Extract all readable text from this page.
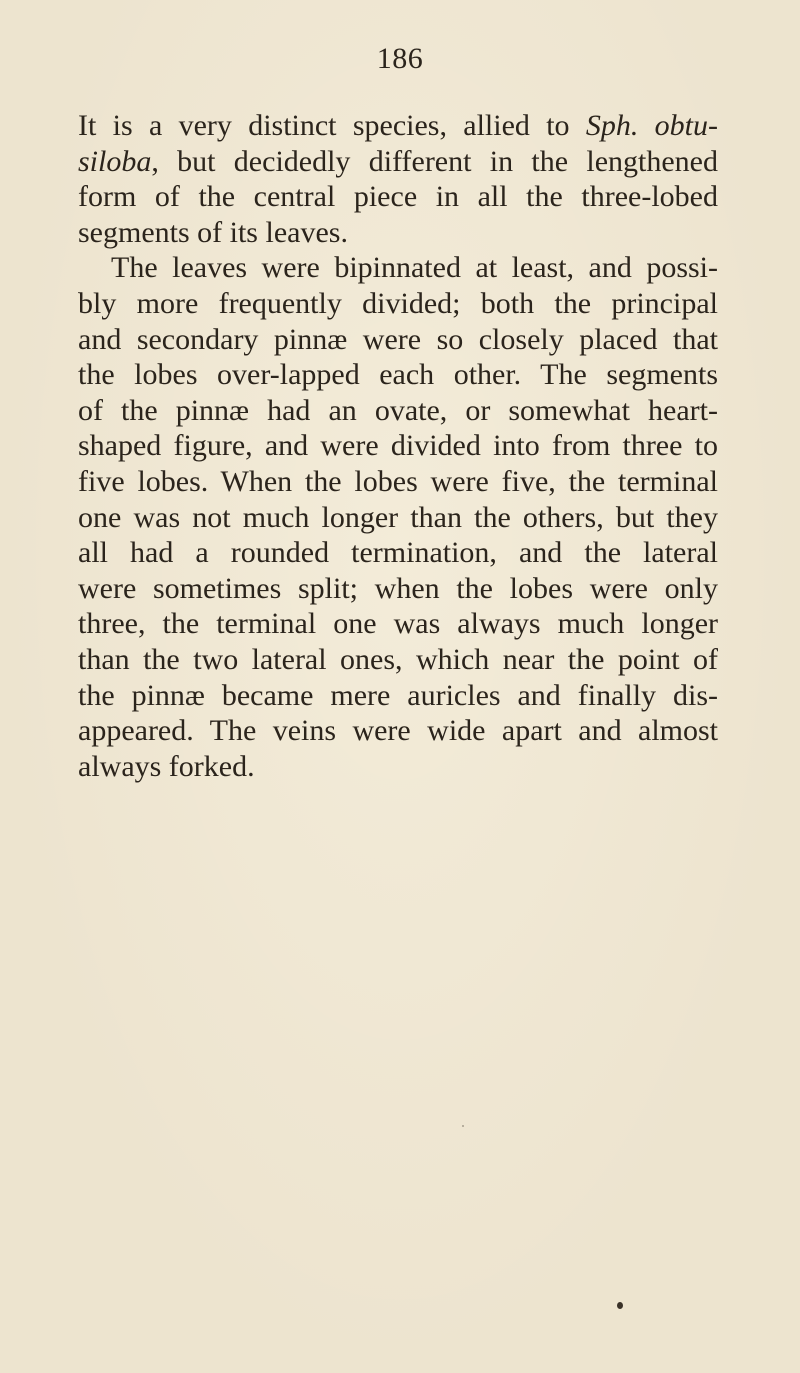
186
It is a very distinct species, allied to Sph. obtu-
siloba, but decidedly different in the lengthened
form of the central piece in all the three-lobed
segments of its leaves.
The leaves were bipinnated at least, and possi-
bly more frequently divided; both the principal
and secondary pinnæ were so closely placed that
the lobes over-lapped each other. The segments
of the pinnæ had an ovate, or somewhat heart-
shaped figure, and were divided into from three to
five lobes. When the lobes were five, the terminal
one was not much longer than the others, but they
all had a rounded termination, and the lateral
were sometimes split; when the lobes were only
three, the terminal one was always much longer
than the two lateral ones, which near the point of
the pinnæ became mere auricles and finally dis-
appeared. The veins were wide apart and almost
always forked.
